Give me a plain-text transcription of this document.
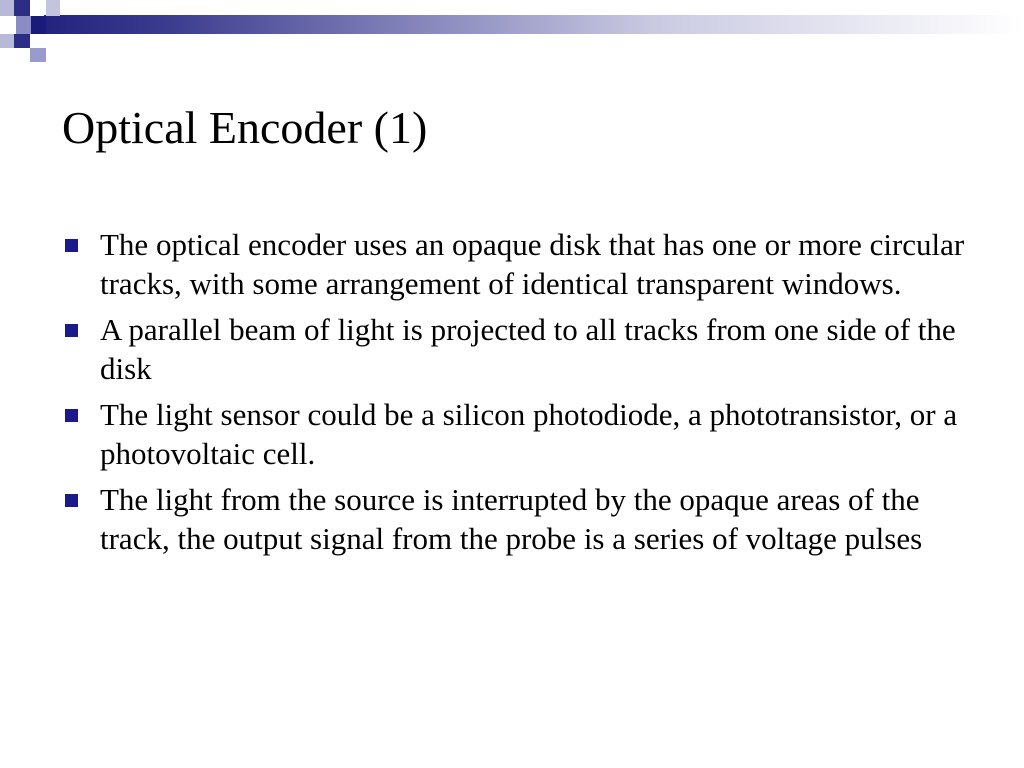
Optical Encoder (1)
The optical encoder uses an opaque disk that has one or more circular tracks, with some arrangement of identical transparent windows.
A parallel beam of light is projected to all tracks from one side of the disk
The light sensor could be a silicon photodiode, a phototransistor, or a photovoltaic cell.
The light from the source is interrupted by the opaque areas of the track, the output signal from the probe is a series of voltage pulses
